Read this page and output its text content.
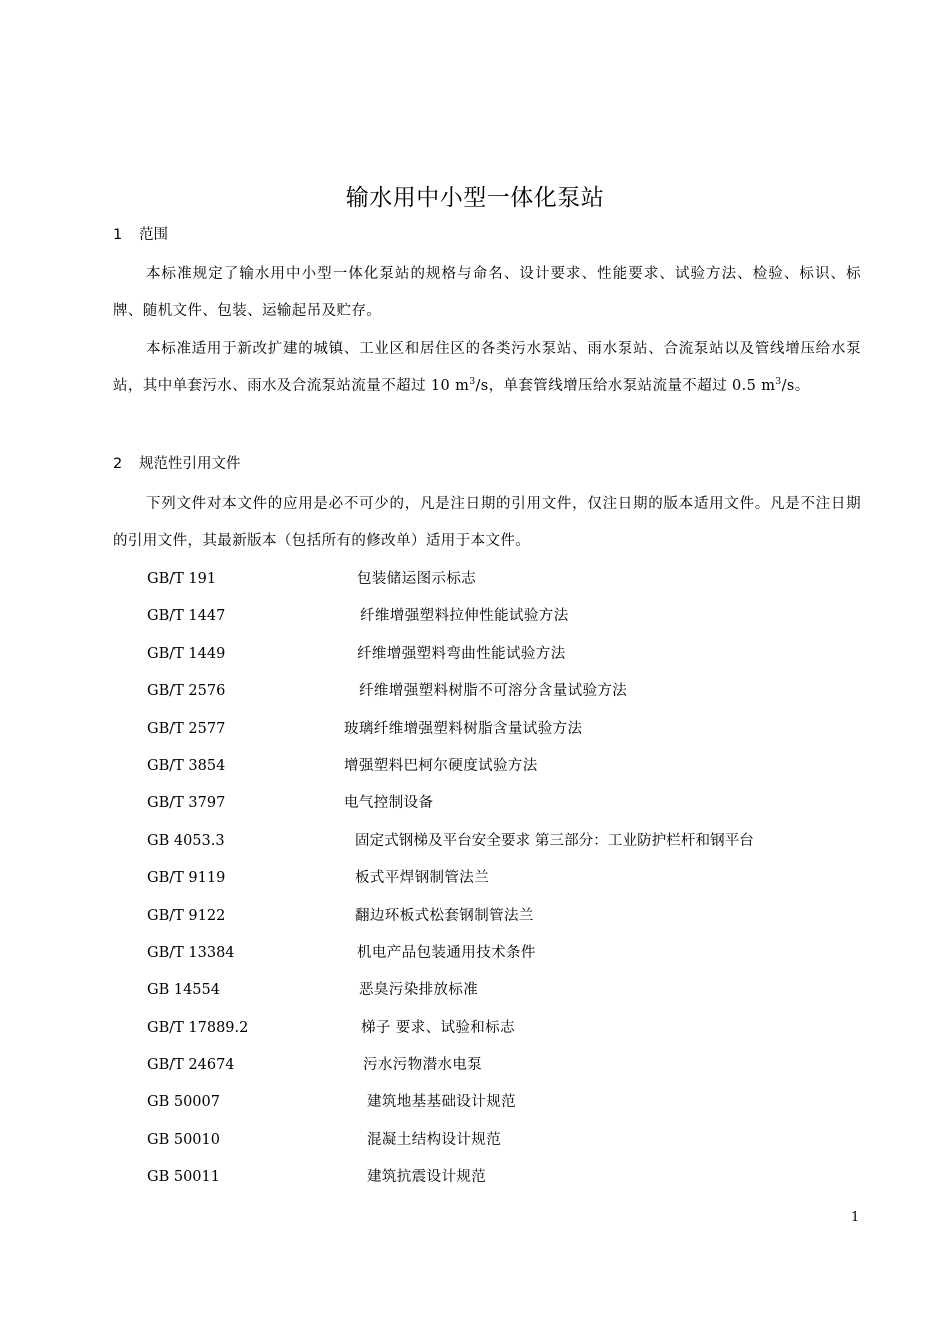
输水用中小型一体化泵站
1 范围

本标准规定了输水用中小型一体化泵站的规格与命名、设计要求、性能要求、试验方法、检验、标识、标牌、随机文件、包装、运输起吊及贮存。

本标准适用于新改扩建的城镇、工业区和居住区的各类污水泵站、雨水泵站、合流泵站以及管线增压给水泵站，其中单套污水、雨水及合流泵站流量不超过 10 $m^3/s$，单套管线增压给水泵站流量不超过 0.5 $m^3/s$。

2 规范性引用文件

下列文件对本文件的应用是必不可少的，凡是注日期的引用文件，仅注日期的版本适用文件。凡是不注日期的引用文件，其最新版本（包括所有的修改单）适用于本文件。

GB/T 191	包装储运图示标志
GB/T 1447	纤维增强塑料拉伸性能试验方法
GB/T 1449	纤维增强塑料弯曲性能试验方法
GB/T 2576	纤维增强塑料树脂不可溶分含量试验方法
GB/T 2577	玻璃纤维增强塑料树脂含量试验方法
GB/T 3854	增强塑料巴柯尔硬度试验方法
GB/T 3797	电气控制设备
GB 4053.3	固定式钢梯及平台安全要求 第三部分：工业防护栏杆和钢平台
GB/T 9119	板式平焊钢制管法兰
GB/T 9122	翻边环板式松套钢制管法兰
GB/T 13384	机电产品包装通用技术条件
GB 14554	恶臭污染排放标准
GB/T 17889.2	梯子 要求、试验和标志
GB/T 24674	污水污物潜水电泵
GB 50007	建筑地基基础设计规范
GB 50010	混凝土结构设计规范
GB 50011	建筑抗震设计规范
1
